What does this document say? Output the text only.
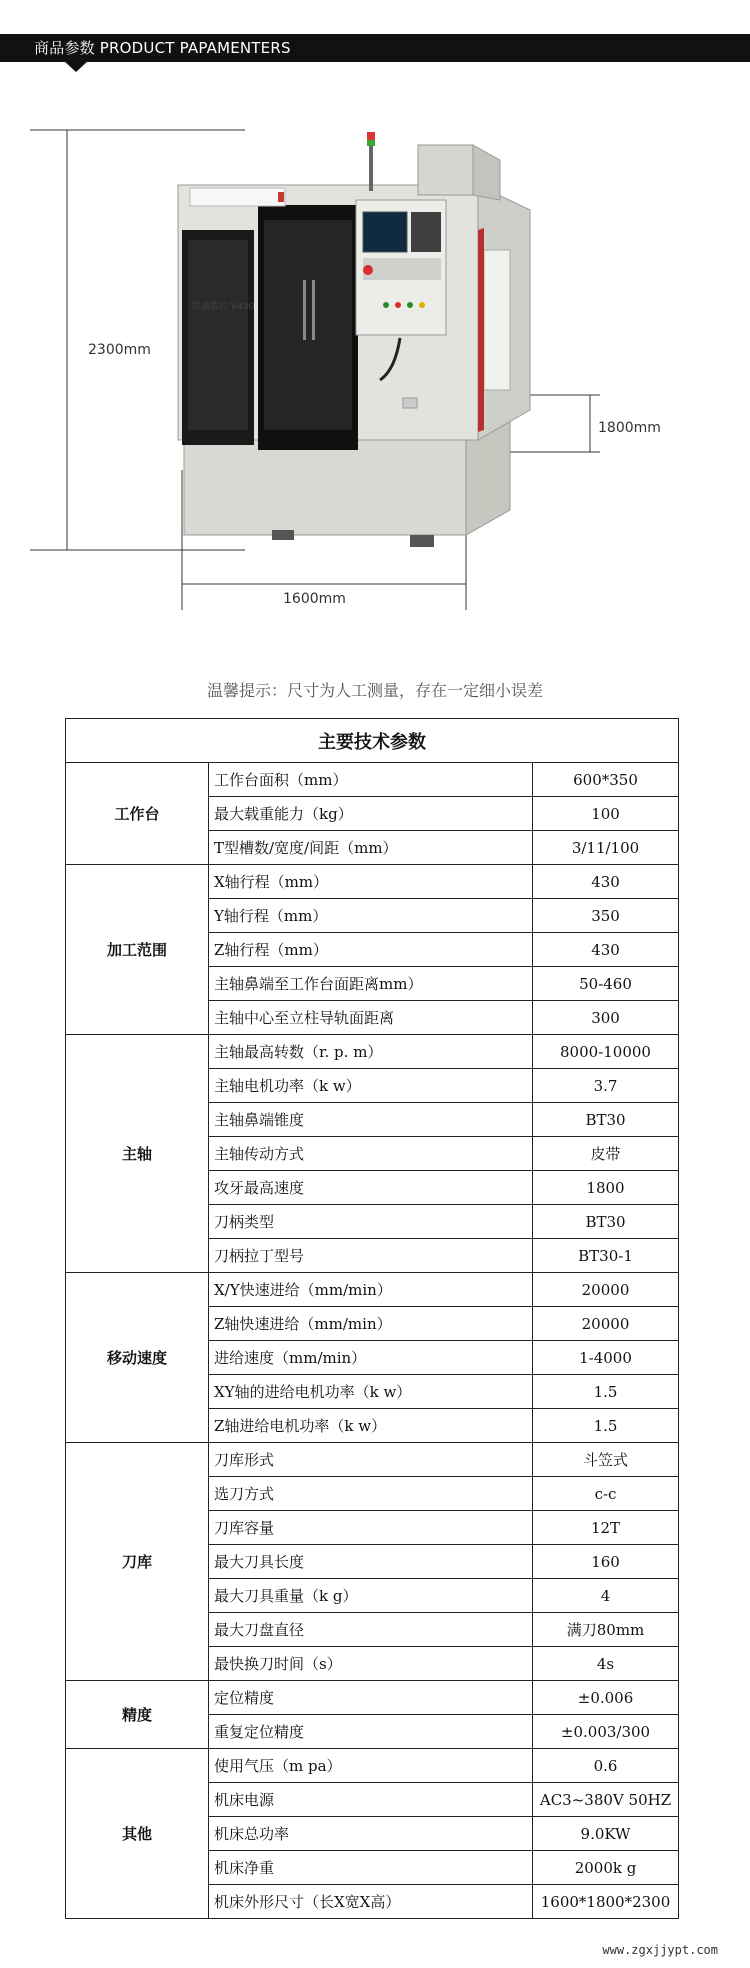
商品参数 PRODUCT PAPAMENTERS
2300mm
1800mm
1600mm
凯鑫数控 V430
温馨提示：尺寸为人工测量，存在一定细小误差
主要技术参数		
工作台	工作台面积（mm）	600*350
	最大载重能力（kg）	100
	T型槽数/宽度/间距（mm）	3/11/100
加工范围	X轴行程（mm）	430
	Y轴行程（mm）	350
	Z轴行程（mm）	430
	主轴鼻端至工作台面距离mm）	50-460
	主轴中心至立柱导轨面距离	300
主轴	主轴最高转数（r. p. m）	8000-10000
	主轴电机功率（k w）	3.7
	主轴鼻端锥度	BT30
	主轴传动方式	皮带
	攻牙最高速度	1800
	刀柄类型	BT30
	刀柄拉丁型号	BT30-1
移动速度	X/Y快速进给（mm/min）	20000
	Z轴快速进给（mm/min）	20000
	进给速度（mm/min）	1-4000
	XY轴的进给电机功率（k w）	1.5
	Z轴进给电机功率（k w）	1.5
刀库	刀库形式	斗笠式
	选刀方式	c-c
	刀库容量	12T
	最大刀具长度	160
	最大刀具重量（k g）	4
	最大刀盘直径	满刀80mm
	最快换刀时间（s）	4s
精度	定位精度	±0.006
	重复定位精度	±0.003/300
其他	使用气压（m pa）	0.6
	机床电源	AC3~380V 50HZ
	机床总功率	9.0KW
	机床净重	2000k g
	机床外形尺寸（长X宽X高）	1600*1800*2300
www.zgxjjypt.com
